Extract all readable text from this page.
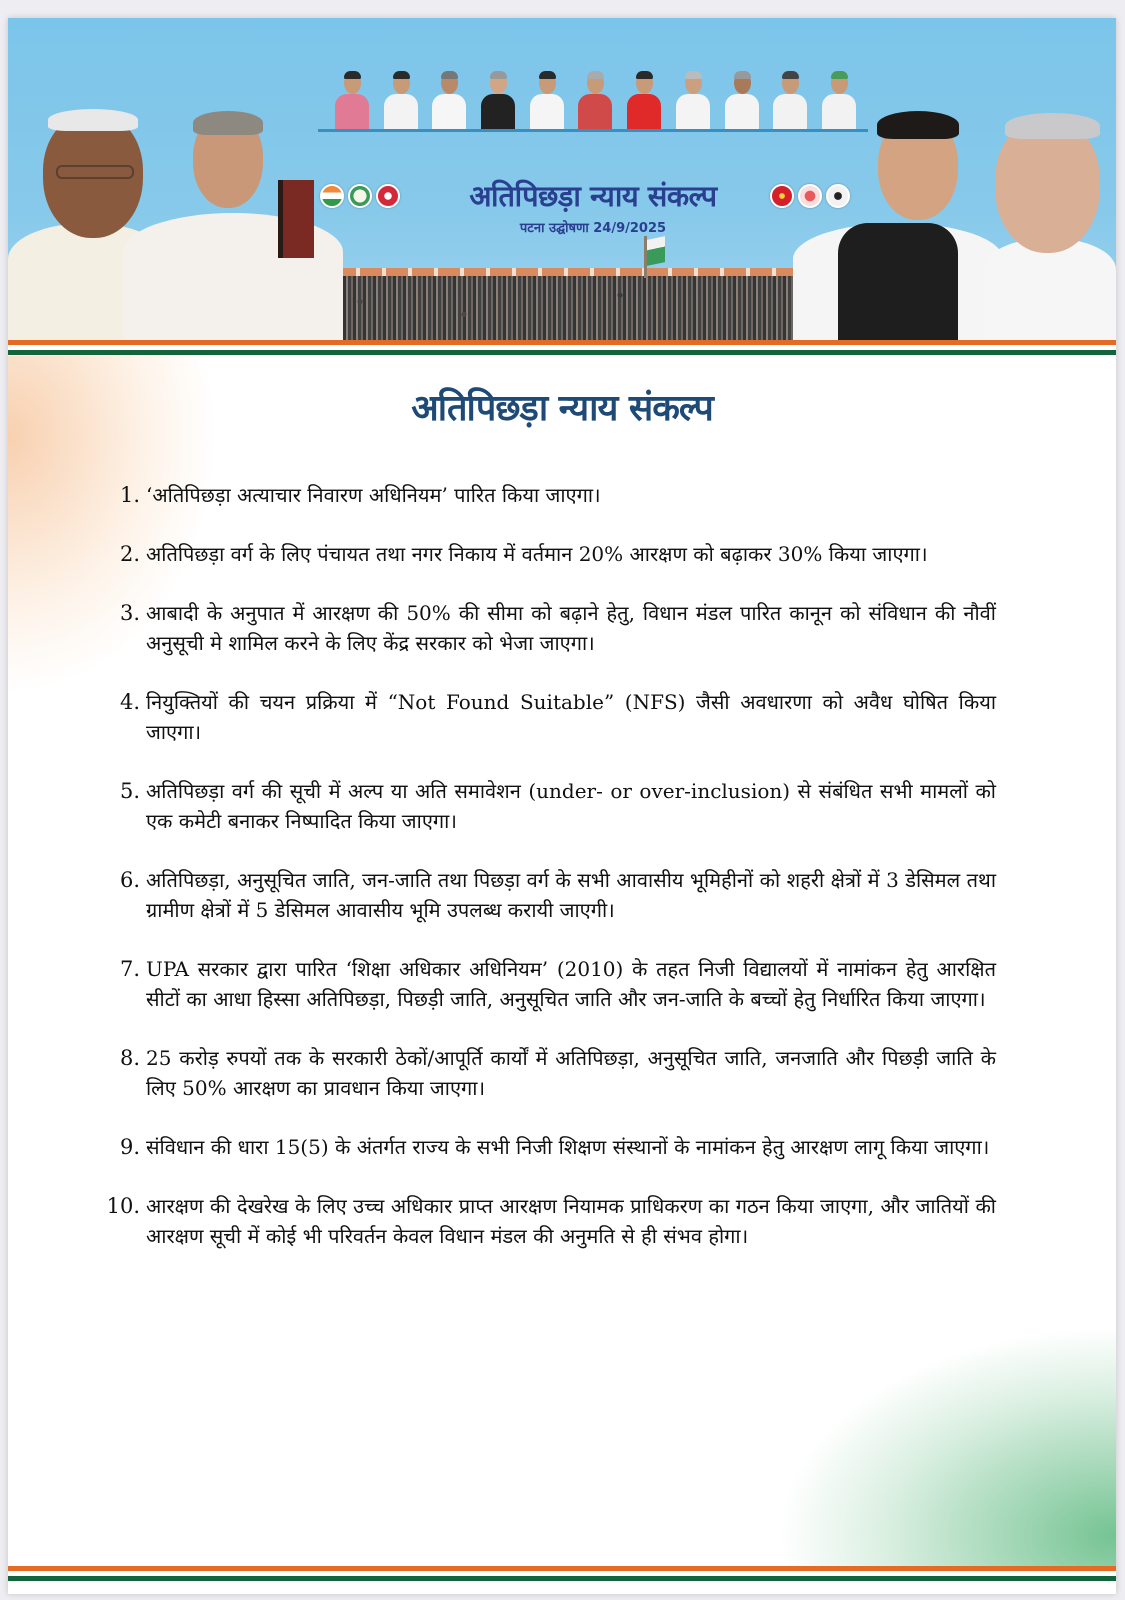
अतिपिछड़ा न्याय संकल्प
पटना उद्घोषणा 24/9/2025
अतिपिछड़ा न्याय संकल्प
1. ‘अतिपिछड़ा अत्याचार निवारण अधिनियम’ पारित किया जाएगा।
2. अतिपिछड़ा वर्ग के लिए पंचायत तथा नगर निकाय में वर्तमान 20% आरक्षण को बढ़ाकर 30% किया जाएगा।
3. आबादी के अनुपात में आरक्षण की 50% की सीमा को बढ़ाने हेतु, विधान मंडल पारित कानून को संविधान की नौवीं अनुसूची मे शामिल करने के लिए केंद्र सरकार को भेजा जाएगा।
4. नियुक्तियों की चयन प्रक्रिया में “Not Found Suitable” (NFS) जैसी अवधारणा को अवैध घोषित किया जाएगा।
5. अतिपिछड़ा वर्ग की सूची में अल्प या अति समावेशन (under- or over-inclusion) से संबंधित सभी मामलों को एक कमेटी बनाकर निष्पादित किया जाएगा।
6. अतिपिछड़ा, अनुसूचित जाति, जन-जाति तथा पिछड़ा वर्ग के सभी आवासीय भूमिहीनों को शहरी क्षेत्रों में 3 डेसिमल तथा ग्रामीण क्षेत्रों में 5 डेसिमल आवासीय भूमि उपलब्ध करायी जाएगी।
7. UPA सरकार द्वारा पारित ‘शिक्षा अधिकार अधिनियम’ (2010) के तहत निजी विद्यालयों में नामांकन हेतु आरक्षित सीटों का आधा हिस्सा अतिपिछड़ा, पिछड़ी जाति, अनुसूचित जाति और जन-जाति के बच्चों हेतु निर्धारित किया जाएगा।
8. 25 करोड़ रुपयों तक के सरकारी ठेकों/आपूर्ति कार्यों में अतिपिछड़ा, अनुसूचित जाति, जनजाति और पिछड़ी जाति के लिए 50% आरक्षण का प्रावधान किया जाएगा।
9. संविधान की धारा 15(5) के अंतर्गत राज्य के सभी निजी शिक्षण संस्थानों के नामांकन हेतु आरक्षण लागू किया जाएगा।
10. आरक्षण की देखरेख के लिए उच्च अधिकार प्राप्त आरक्षण नियामक प्राधिकरण का गठन किया जाएगा, और जातियों की आरक्षण सूची में कोई भी परिवर्तन केवल विधान मंडल की अनुमति से ही संभव होगा।
